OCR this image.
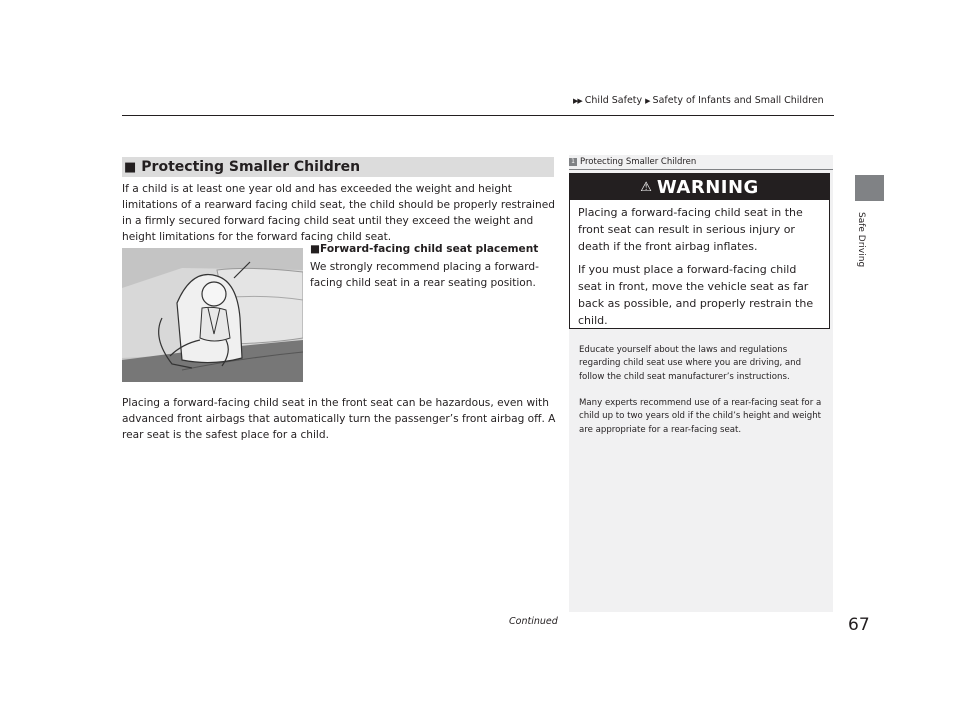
▶▶ Child Safety ▶ Safety of Infants and Small Children
Safe Driving
■ Protecting Smaller Children
If a child is at least one year old and has exceeded the weight and height limitations of a rearward facing child seat, the child should be properly restrained in a firmly secured forward facing child seat until they exceed the weight and height limitations for the forward facing child seat.
■Forward-facing child seat placement
We strongly recommend placing a forward-facing child seat in a rear seating position.
Placing a forward-facing child seat in the front seat can be hazardous, even with advanced front airbags that automatically turn the passenger’s front airbag off. A rear seat is the safest place for a child.
1 Protecting Smaller Children
⚠ WARNING

Placing a forward-facing child seat in the front seat can result in serious injury or death if the front airbag inflates.

If you must place a forward-facing child seat in front, move the vehicle seat as far back as possible, and properly restrain the child.

Educate yourself about the laws and regulations regarding child seat use where you are driving, and follow the child seat manufacturer’s instructions.
Many experts recommend use of a rear-facing seat for a child up to two years old if the child’s height and weight are appropriate for a rear-facing seat.
Continued	67
